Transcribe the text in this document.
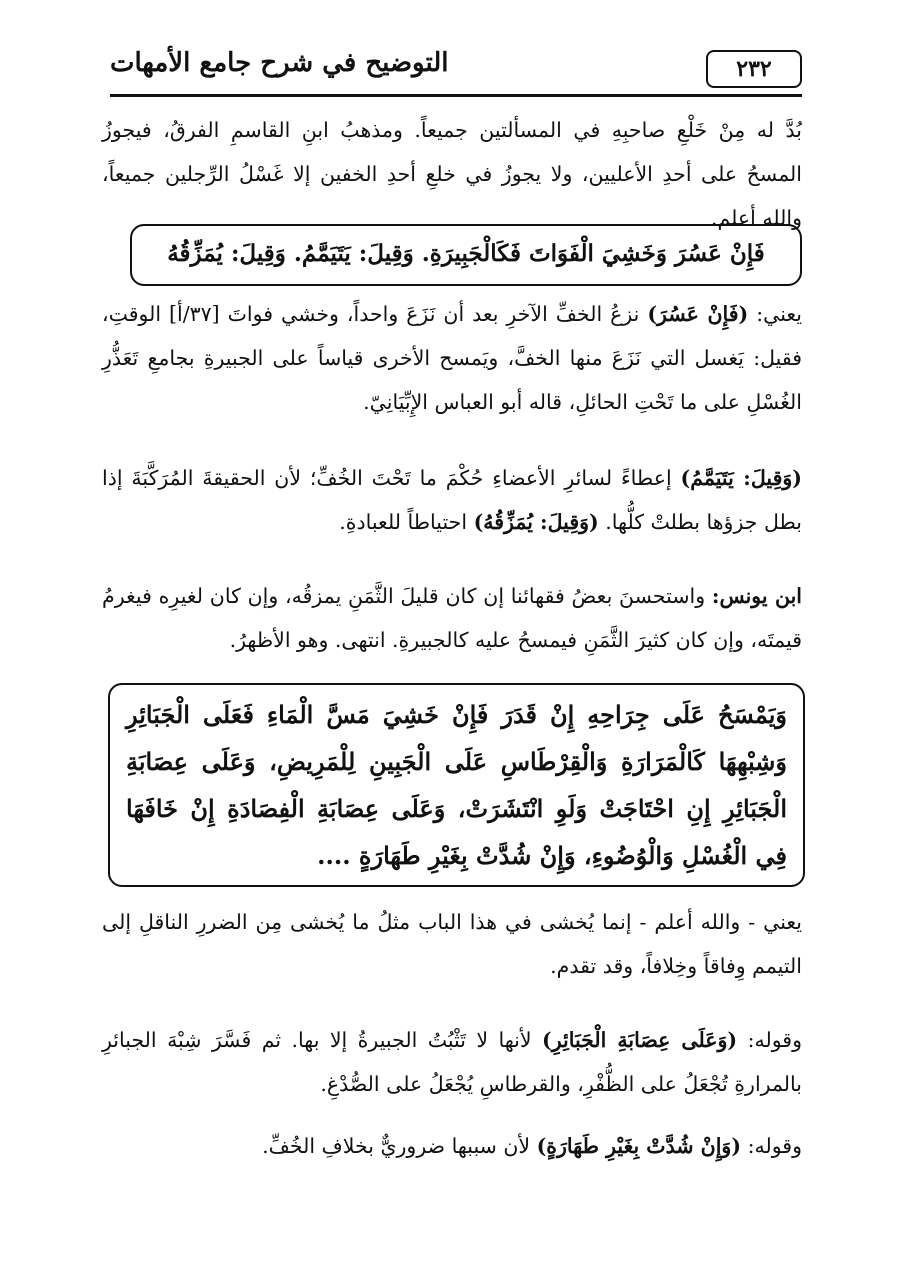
التوضيح في شرح جامع الأمهات	٢٣٢
بُدَّ له مِنْ خَلْعِ صاحبِهِ في المسألتين جميعاً. ومذهبُ ابنِ القاسمِ الفرقُ، فيجوزُ المسحُ على أحدِ الأعليين، ولا يجوزُ في خلعِ أحدِ الخفين إلا غَسْلُ الرِّجلين جميعاً، والله أعلم.
فَإِنْ عَسُرَ وَخَشِيَ الْفَوَاتَ فَكَالْجَبِيرَةِ. وَقِيلَ: يَتَيَمَّمُ. وَقِيلَ: يُمَزِّقُهُ
يعني: (فَإِنْ عَسُرَ) نزعُ الخفِّ الآخرِ بعد أن نَزَعَ واحداً، وخشي فواتَ [٣٧/أ] الوقتِ، فقيل: يَغسل التي نَزَعَ منها الخفَّ، ويَمسح الأخرى قياساً على الجبيرةِ بجامعِ تَعَذُّرِ الغُسْلِ على ما تَحْتِ الحائلِ، قاله أبو العباس الإِبِّيَانِيّ.
(وَقِيلَ: يَتَيَمَّمُ) إعطاءً لسائرِ الأعضاءِ حُكْمَ ما تَحْتَ الخُفِّ؛ لأن الحقيقةَ المُرَكَّبَةَ إذا بطل جزؤها بطلتْ كلُّها. (وَقِيلَ: يُمَزِّقُهُ) احتياطاً للعبادةِ.
ابن يونس: واستحسنَ بعضُ فقهائنا إن كان قليلَ الثَّمَنِ يمزقُه، وإن كان لغيرِه فيغرمُ قيمتَه، وإن كان كثيرَ الثَّمَنِ فيمسحُ عليه كالجبيرةِ. انتهى. وهو الأظهرُ.
وَيَمْسَحُ عَلَى جِرَاحِهِ إِنْ قَدَرَ فَإِنْ خَشِيَ مَسَّ الْمَاءِ فَعَلَى الْجَبَائِرِ وَشِبْهِهَا كَالْمَرَارَةِ وَالْقِرْطَاسِ عَلَى الْجَبِينِ لِلْمَرِيضِ، وَعَلَى عِصَابَةِ الْجَبَائِرِ إِنِ احْتَاجَتْ وَلَوِ انْتَشَرَتْ، وَعَلَى عِصَابَةِ الْفِصَادَةِ إِنْ خَافَهَا فِي الْغُسْلِ وَالْوُضُوءِ، وَإِنْ شُدَّتْ بِغَيْرِ طَهَارَةٍ ....
يعني - والله أعلم - إنما يُخشى في هذا الباب مثلُ ما يُخشى مِن الضررِ الناقلِ إلى التيمم وِفاقاً وخِلافاً، وقد تقدم.
وقوله: (وَعَلَى عِصَابَةِ الْجَبَائِرِ) لأنها لا تَثْبُتُ الجبيرةُ إلا بها. ثم فَسَّرَ شِبْهَ الجبائرِ بالمرارةِ تُجْعَلُ على الظُّفْرِ، والقرطاسِ يُجْعَلُ على الصُّدْغِ.
وقوله: (وَإِنْ شُدَّتْ بِغَيْرِ طَهَارَةٍ) لأن سببها ضروريٌّ بخلافِ الخُفِّ.
